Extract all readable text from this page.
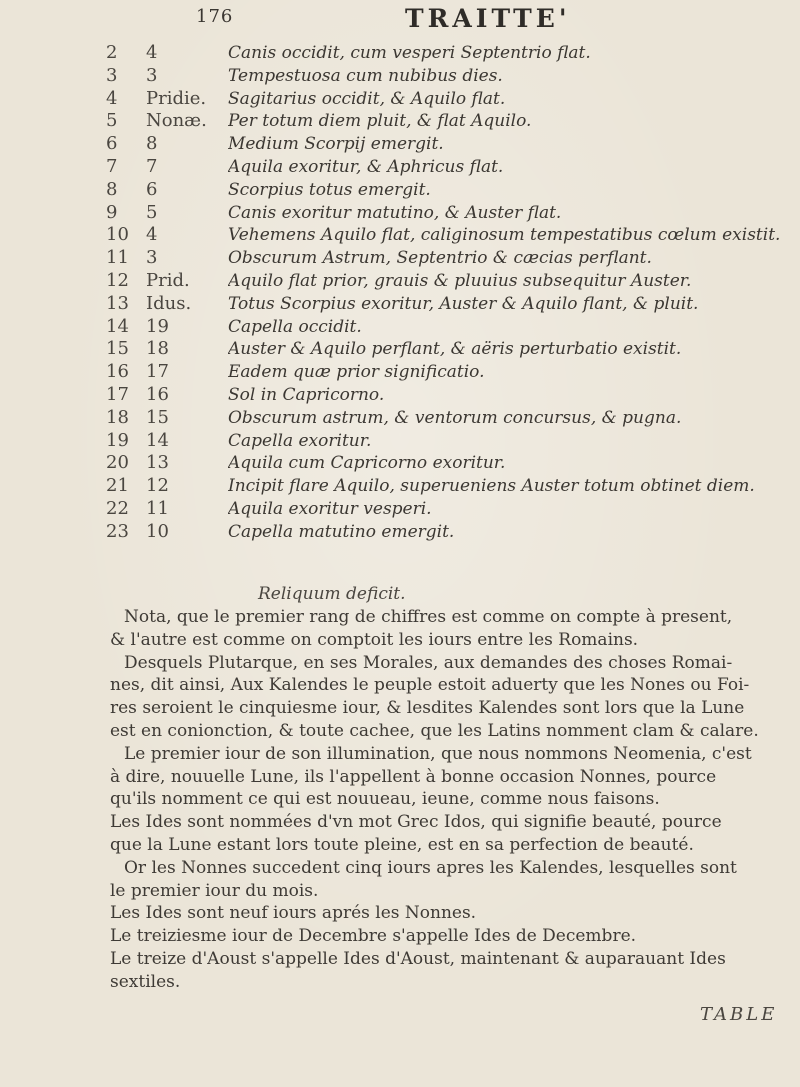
176	TRAITTE'
2	4	Canis occidit, cum vesperi Septentrio flat.
3	3	Tempestuosa cum nubibus dies.
4	Pridie.	Sagitarius occidit, & Aquilo flat.
5	Nonæ.	Per totum diem pluit, & flat Aquilo.
6	8	Medium Scorpij emergit.
7	7	Aquila exoritur, & Aphricus flat.
8	6	Scorpius totus emergit.
9	5	Canis exoritur matutino, & Auster flat.
10 4	Vehemens Aquilo flat, caliginosum tempestatibus cœlum existit.
11 3	Obscurum Astrum, Septentrio & cæcias perflant.
12 Prid.	Aquilo flat prior, grauis & pluuius subsequitur Auster.
13 Idus.	Totus Scorpius exoritur, Auster & Aquilo flant, & pluit.
14 19	Capella occidit.
15 18	Auster & Aquilo perflant, & aëris perturbatio existit.
16 17	Eadem quæ prior significatio.
17 16	Sol in Capricorno.
18 15	Obscurum astrum, & ventorum concursus, & pugna.
19 14	Capella exoritur.
20 13	Aquila cum Capricorno exoritur.
21 12	Incipit flare Aquilo, superueniens Auster totum obtinet diem.
22 11	Aquila exoritur vesperi.
23 10	Capella matutino emergit.
Reliquum deficit.
Nota, que le premier rang de chiffres est comme on compte à present,
& l'autre est comme on comptoit les iours entre les Romains.
Desquels Plutarque, en ses Morales, aux demandes des choses Romai-
nes, dit ainsi, Aux Kalendes le peuple estoit aduerty que les Nones ou Foi-
res seroient le cinquiesme iour, & lesdites Kalendes sont lors que la Lune
est en conionction, & toute cachee, que les Latins nomment clam & calare.
Le premier iour de son illumination, que nous nommons Neomenia, c'est
à dire, nouuelle Lune, ils l'appellent à bonne occasion Nonnes, pource
qu'ils nomment ce qui est nouueau, ieune, comme nous faisons.
Les Ides sont nommées d'vn mot Grec Idos, qui signifie beauté, pource
que la Lune estant lors toute pleine, est en sa perfection de beauté.
Or les Nonnes succedent cinq iours apres les Kalendes, lesquelles sont
le premier iour du mois.
Les Ides sont neuf iours aprés les Nonnes.
Le treiziesme iour de Decembre s'appelle Ides de Decembre.
Le treize d'Aoust s'appelle Ides d'Aoust, maintenant & auparauant Ides
sextiles.
TABLE
